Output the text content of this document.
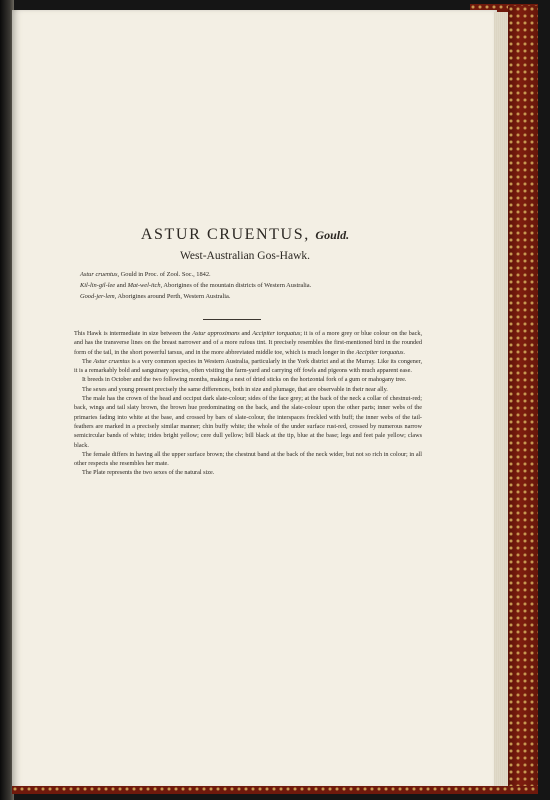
ASTUR CRUENTUS, Gould.
West-Australian Gos-Hawk.
Astur cruentus, Gould in Proc. of Zool. Soc., 1842.
Kil-lin-gil-lee and Mat-wel-itch, Aborigines of the mountain districts of Western Australia.
Good-jer-lem, Aborigines around Perth, Western Australia.

This Hawk is intermediate in size between the Astur approximans and Accipiter torquatus; it is of a more grey or blue colour on the back, and has the transverse lines on the breast narrower and of a more rufous tint. It precisely resembles the first-mentioned bird in the rounded form of the tail, in the short powerful tarsus, and in the more abbreviated middle toe, which is much longer in the Accipiter torquatus.

The Astur cruentus is a very common species in Western Australia, particularly in the York district and at the Murray. Like its congener, it is a remarkably bold and sanguinary species, often visiting the farm-yard and carrying off fowls and pigeons with much apparent ease.

It breeds in October and the two following months, making a nest of dried sticks on the horizontal fork of a gum or mahogany tree.

The sexes and young present precisely the same differences, both in size and plumage, that are observable in their near ally.

The male has the crown of the head and occiput dark slate-colour; sides of the face grey; at the back of the neck a collar of chestnut-red; back, wings and tail slaty brown, the brown hue predominating on the back, and the slate-colour upon the other parts; inner webs of the primaries fading into white at the base, and crossed by bars of slate-colour, the interspaces freckled with buff; the inner webs of the tail-feathers are marked in a precisely similar manner; chin buffy white; the whole of the under surface rust-red, crossed by numerous narrow semicircular bands of white; irides bright yellow; cere dull yellow; bill black at the tip, blue at the base; legs and feet pale yellow; claws black.

The female differs in having all the upper surface brown; the chestnut band at the back of the neck wider, but not so rich in colour; in all other respects she resembles her mate.

The Plate represents the two sexes of the natural size.
